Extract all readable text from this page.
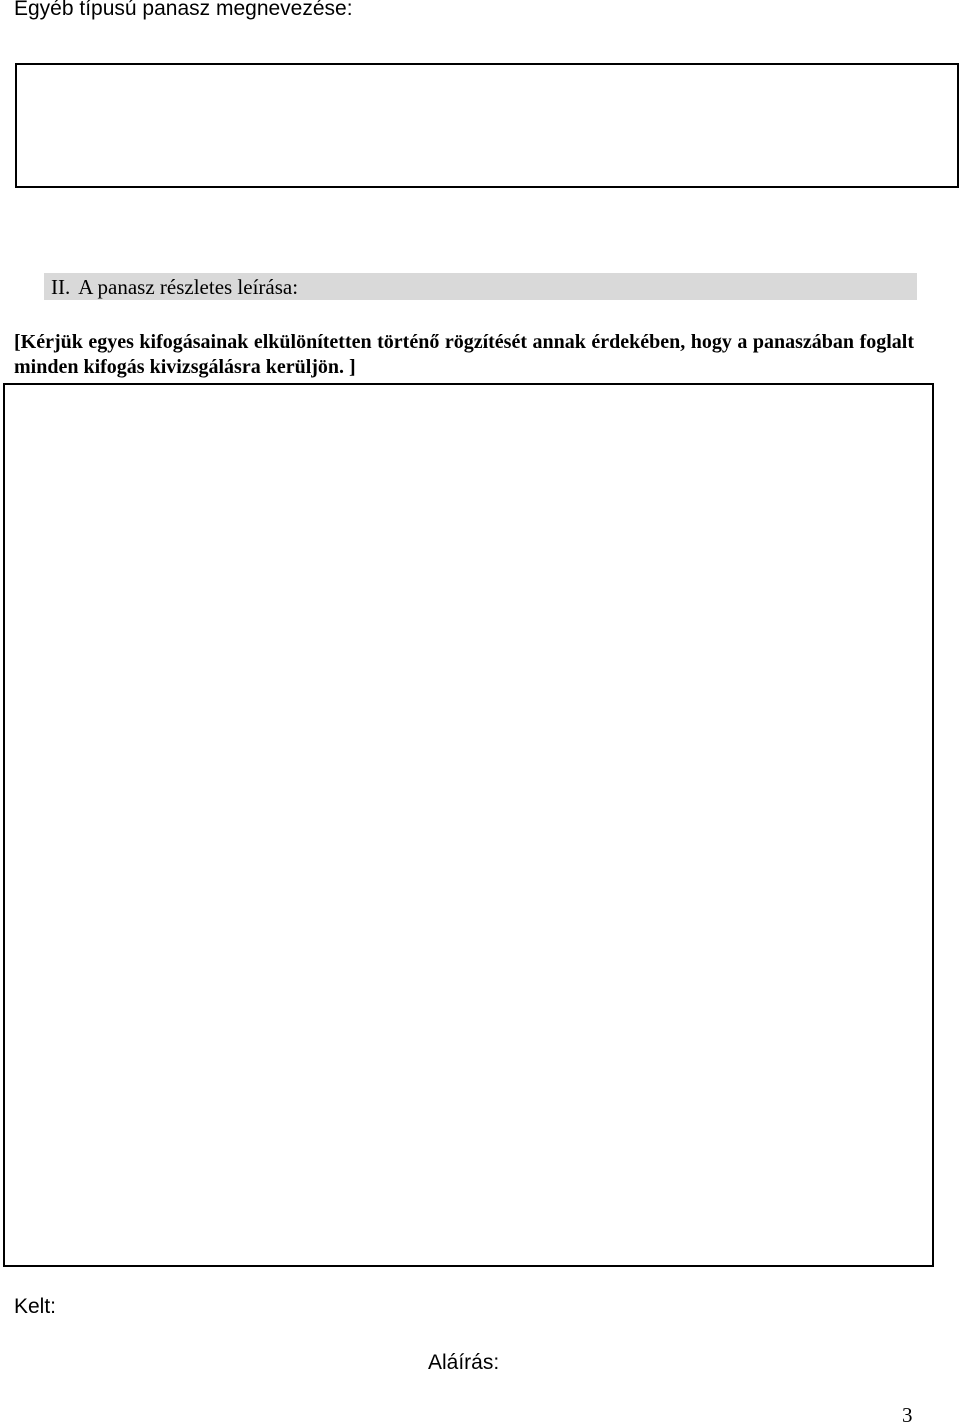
Egyéb típusú panasz megnevezése:
II. A panasz részletes leírása:
[Kérjük egyes kifogásainak elkülönítetten történő rögzítését annak érdekében, hogy a panaszában foglalt minden kifogás kivizsgálásra kerüljön. ]
Kelt:
Aláírás:
3
